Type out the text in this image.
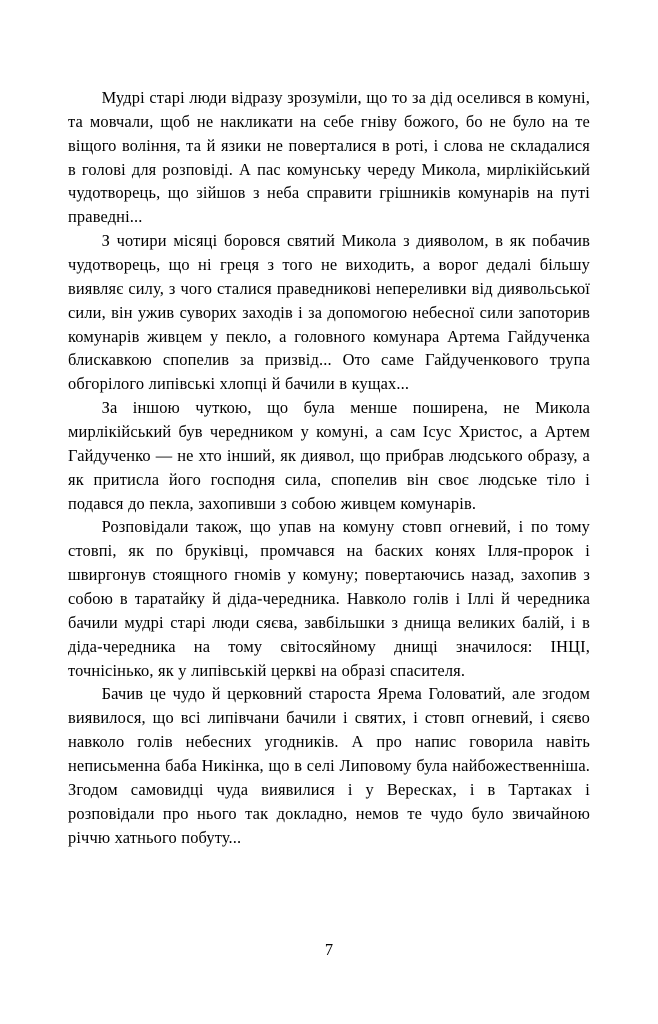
Мудрі старі люди відразу зрозуміли, що то за дід оселився в комуні, та мовчали, щоб не накликати на себе гніву божого, бо не було на те віщого воління, та й язики не поверталися в роті, і слова не складалися в голові для розповіді. А пас комунську череду Микола, мирлікійський чудотворець, що зійшов з неба справити грішників комунарів на путі праведні...

З чотири місяці боровся святий Микола з дияволом, в як побачив чудотворець, що ні греця з того не виходить, а ворог дедалі більшу виявляє силу, з чого сталися праведникові непереливки від диявольської сили, він ужив суворих заходів і за допомогою небесної сили запоторив комунарів живцем у пекло, а головного комунара Артема Гайдученка блискавкою спопелив за призвід... Ото саме Гайдученкового трупа обгорілого липівські хлопці й бачили в кущах...

За іншою чуткою, що була менше поширена, не Микола мирлікійський був чередником у комуні, а сам Ісус Христос, а Артем Гайдученко — не хто інший, як диявол, що прибрав людського образу, а як притисла його господня сила, спопелив він своє людське тіло і подався до пекла, захопивши з собою живцем комунарів.

Розповідали також, що упав на комуну стовп огневий, і по тому стовпі, як по бруківці, промчався на баских конях Ілля-пророк і швиргонув стоящного гномів у комуну; повертаючись назад, захопив з собою в таратайку й діда-чередника. Навколо голів і Іллі й чередника бачили мудрі старі люди сяєва, завбільшки з днища великих балій, і в діда-чередника на тому світосяйному днищі значилося: ІНЦІ, точнісінько, як у липівській церкві на образі спасителя.

Бачив це чудо й церковний староста Ярема Головатий, але згодом виявилося, що всі липівчани бачили і святих, і стовп огневий, і сяєво навколо голів небесних угодників. А про напис говорила навіть неписьменна баба Никінка, що в селі Липовому була найбожественніша. Згодом самовидці чуда виявилися і у Вересках, і в Тартаках і розповідали про нього так докладно, немов те чудо було звичайною річчю хатнього побуту...

7
